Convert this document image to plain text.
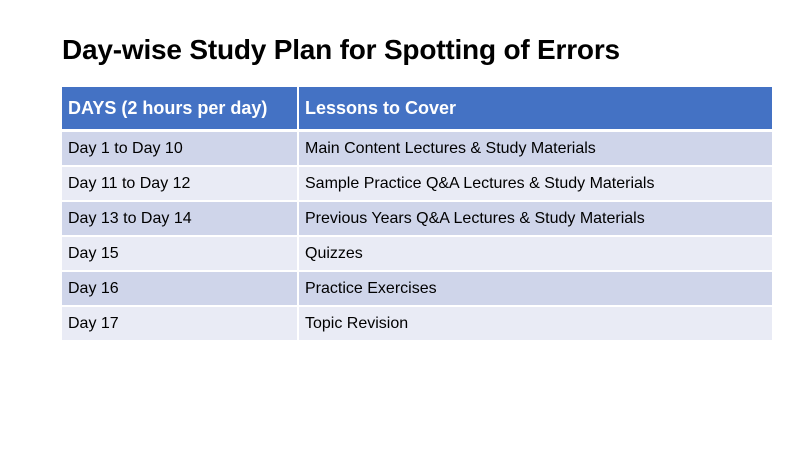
Day-wise Study Plan for Spotting of Errors
DAYS (2 hours per day)	Lessons to Cover
Day 1 to Day 10	Main Content Lectures & Study Materials
Day 11 to Day 12	Sample Practice Q&A Lectures & Study Materials
Day 13 to Day 14	Previous Years Q&A Lectures & Study Materials
Day 15	Quizzes
Day 16	Practice Exercises
Day 17	Topic Revision
